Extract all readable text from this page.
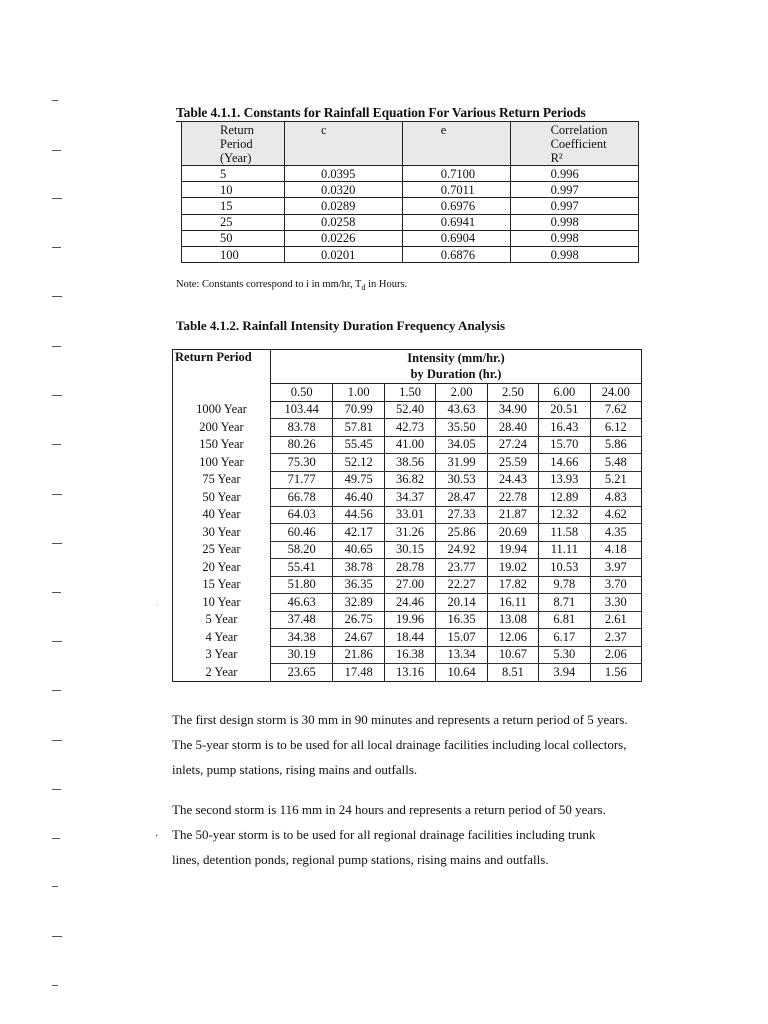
Table 4.1.1. Constants for Rainfall Equation For Various Return Periods
Return Period (Year)	c	e	Correlation Coefficient
R²
5	0.0395	0.7100	0.996
10	0.0320	0.7011	0.997
15	0.0289	0.6976	0.997
25	0.0258	0.6941	0.998
50	0.0226	0.6904	0.998
100	0.0201	0.6876	0.998
Note: Constants correspond to i in mm/hr, $T_d$ in Hours.
Table 4.1.2. Rainfall Intensity Duration Frequency Analysis
Return Period	Intensity (mm/hr.)
by Duration (hr.)						
	0.50	1.00	1.50	2.00	2.50	6.00	24.00
1000 Year	103.44	70.99	52.40	43.63	34.90	20.51	7.62
200 Year	83.78	57.81	42.73	35.50	28.40	16.43	6.12
150 Year	80.26	55.45	41.00	34.05	27.24	15.70	5.86
100 Year	75.30	52.12	38.56	31.99	25.59	14.66	5.48
75 Year	71.77	49.75	36.82	30.53	24.43	13.93	5.21
50 Year	66.78	46.40	34.37	28.47	22.78	12.89	4.83
40 Year	64.03	44.56	33.01	27.33	21.87	12.32	4.62
30 Year	60.46	42.17	31.26	25.86	20.69	11.58	4.35
25 Year	58.20	40.65	30.15	24.92	19.94	11.11	4.18
20 Year	55.41	38.78	28.78	23.77	19.02	10.53	3.97
15 Year	51.80	36.35	27.00	22.27	17.82	9.78	3.70
10 Year	46.63	32.89	24.46	20.14	16.11	8.71	3.30
5 Year	37.48	26.75	19.96	16.35	13.08	6.81	2.61
4 Year	34.38	24.67	18.44	15.07	12.06	6.17	2.37
3 Year	30.19	21.86	16.38	13.34	10.67	5.30	2.06
2 Year	23.65	17.48	13.16	10.64	8.51	3.94	1.56
·
The first design storm is 30 mm in 90 minutes and represents a return period of 5 years.
The 5-year storm is to be used for all local drainage facilities including local collectors,
inlets, pump stations, rising mains and outfalls.
·
The second storm is 116 mm in 24 hours and represents a return period of 50 years.
The 50-year storm is to be used for all regional drainage facilities including trunk
lines, detention ponds, regional pump stations, rising mains and outfalls.
